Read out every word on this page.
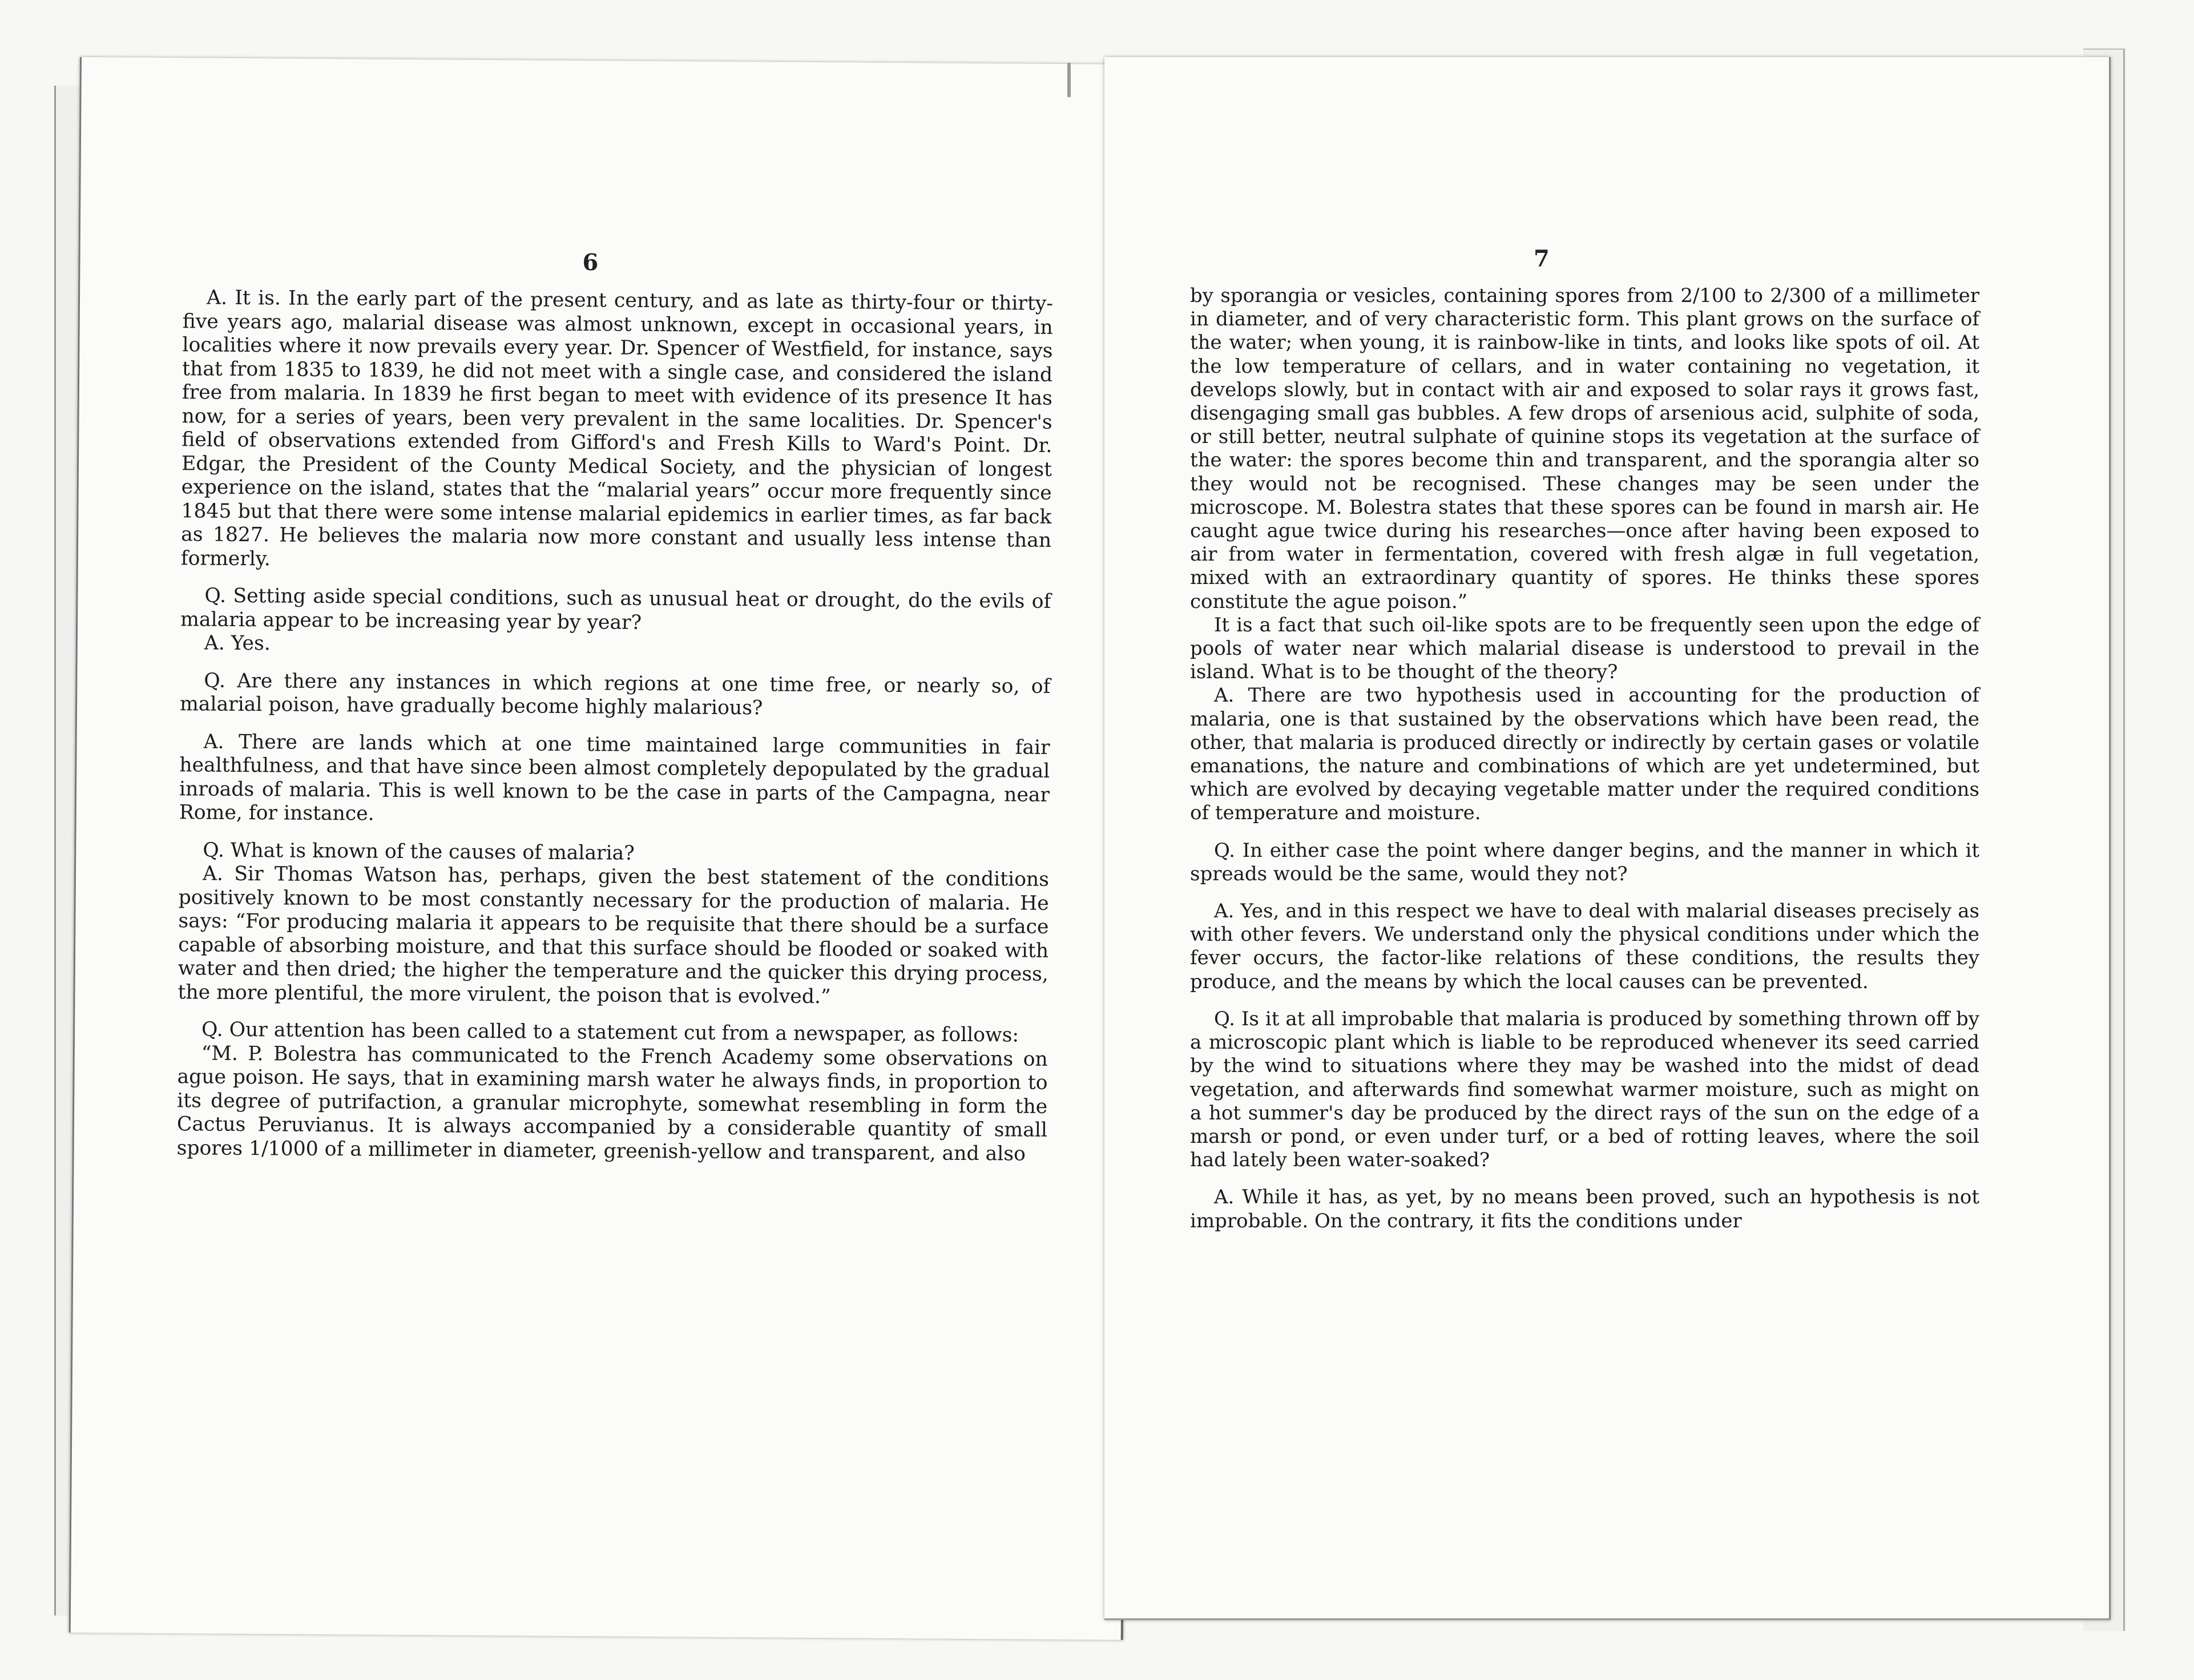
6

A. It is. In the early part of the present century, and as late as thirty-four or thirty-five years ago, malarial disease was almost unknown, except in occasional years, in localities where it now prevails every year. Dr. Spencer of Westfield, for instance, says that from 1835 to 1839, he did not meet with a single case, and considered the island free from malaria. In 1839 he first began to meet with evidence of its presence It has now, for a series of years, been very prevalent in the same localities. Dr. Spencer's field of observations extended from Gifford's and Fresh Kills to Ward's Point. Dr. Edgar, the President of the County Medical Society, and the physician of longest experience on the island, states that the “malarial years” occur more frequently since 1845 but that there were some intense malarial epidemics in earlier times, as far back as 1827. He believes the malaria now more constant and usually less intense than formerly.

Q. Setting aside special conditions, such as unusual heat or drought, do the evils of malaria appear to be increasing year by year?

A. Yes.

Q. Are there any instances in which regions at one time free, or nearly so, of malarial poison, have gradually become highly malarious?

A. There are lands which at one time maintained large communities in fair healthfulness, and that have since been almost completely depopulated by the gradual inroads of malaria. This is well known to be the case in parts of the Campagna, near Rome, for instance.

Q. What is known of the causes of malaria?

A. Sir Thomas Watson has, perhaps, given the best statement of the conditions positively known to be most constantly necessary for the production of malaria. He says: “For producing malaria it appears to be requisite that there should be a surface capable of absorbing moisture, and that this surface should be flooded or soaked with water and then dried; the higher the temperature and the quicker this drying process, the more plentiful, the more virulent, the poison that is evolved.”

Q. Our attention has been called to a statement cut from a newspaper, as follows:

“M. P. Bolestra has communicated to the French Academy some observations on ague poison. He says, that in examining marsh water he always finds, in proportion to its degree of putrifaction, a granular microphyte, somewhat resembling in form the Cactus Peruvianus. It is always accompanied by a considerable quantity of small spores 1/1000 of a millimeter in diameter, greenish-yellow and transparent, and also

7

by sporangia or vesicles, containing spores from 2/100 to 2/300 of a millimeter in diameter, and of very characteristic form. This plant grows on the surface of the water; when young, it is rainbow-like in tints, and looks like spots of oil. At the low temperature of cellars, and in water containing no vegetation, it develops slowly, but in contact with air and exposed to solar rays it grows fast, disengaging small gas bubbles. A few drops of arsenious acid, sulphite of soda, or still better, neutral sulphate of quinine stops its vegetation at the surface of the water: the spores become thin and transparent, and the sporangia alter so they would not be recognised. These changes may be seen under the microscope. M. Bolestra states that these spores can be found in marsh air. He caught ague twice during his researches—once after having been exposed to air from water in fermentation, covered with fresh algæ in full vegetation, mixed with an extraordinary quantity of spores. He thinks these spores constitute the ague poison.”

It is a fact that such oil-like spots are to be frequently seen upon the edge of pools of water near which malarial disease is understood to prevail in the island. What is to be thought of the theory?

A. There are two hypothesis used in accounting for the production of malaria, one is that sustained by the observations which have been read, the other, that malaria is produced directly or indirectly by certain gases or volatile emanations, the nature and combinations of which are yet undetermined, but which are evolved by decaying vegetable matter under the required conditions of temperature and moisture.

Q. In either case the point where danger begins, and the manner in which it spreads would be the same, would they not?

A. Yes, and in this respect we have to deal with malarial diseases precisely as with other fevers. We understand only the physical conditions under which the fever occurs, the factor-like relations of these conditions, the results they produce, and the means by which the local causes can be prevented.

Q. Is it at all improbable that malaria is produced by something thrown off by a microscopic plant which is liable to be reproduced whenever its seed carried by the wind to situations where they may be washed into the midst of dead vegetation, and afterwards find somewhat warmer moisture, such as might on a hot summer's day be produced by the direct rays of the sun on the edge of a marsh or pond, or even under turf, or a bed of rotting leaves, where the soil had lately been water-soaked?

A. While it has, as yet, by no means been proved, such an hypothesis is not improbable. On the contrary, it fits the conditions under
